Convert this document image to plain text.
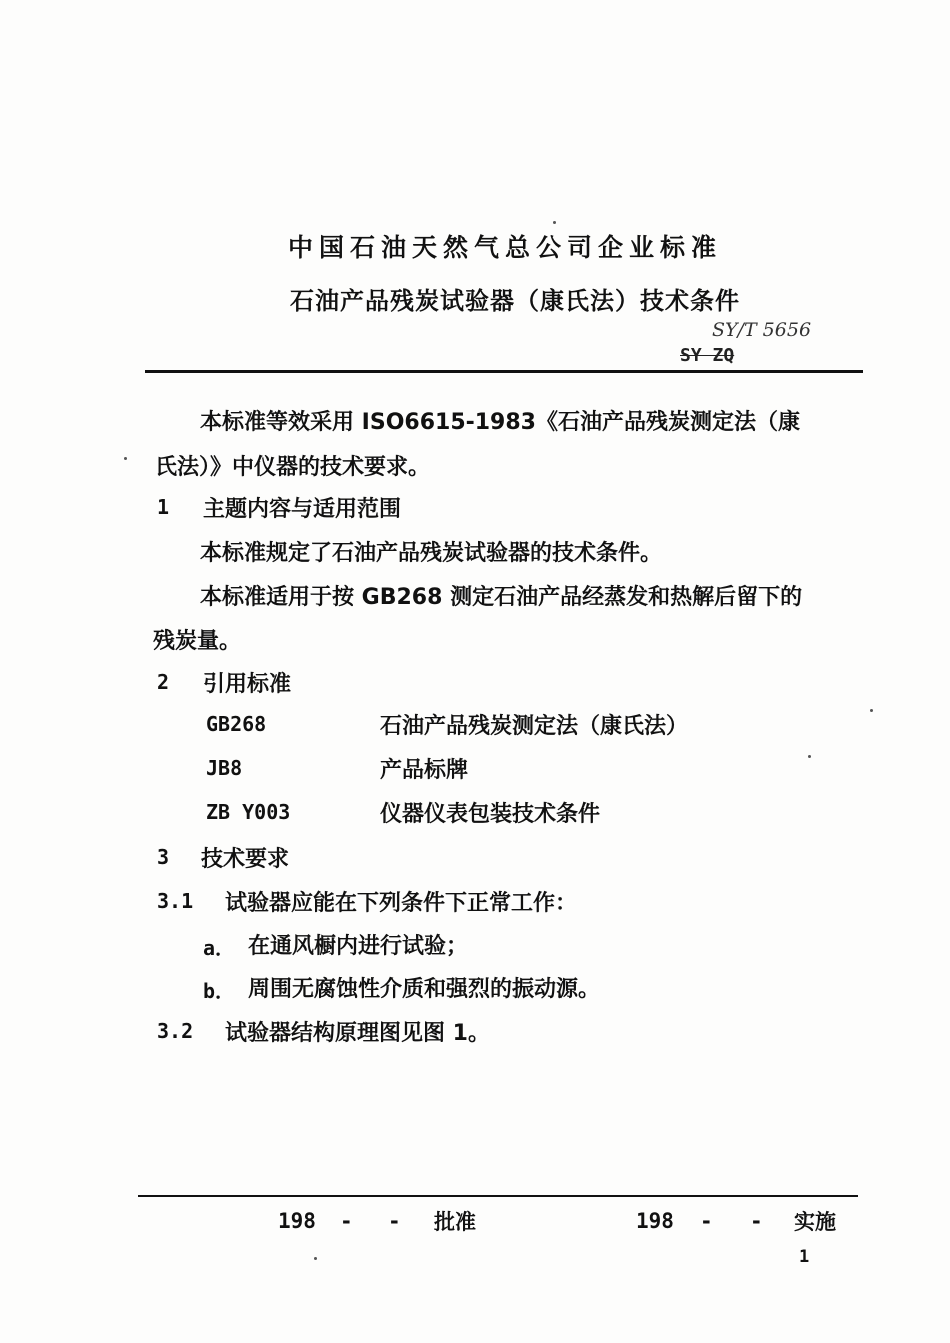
中国石油天然气总公司企业标准
石油产品残炭试验器（康氏法）技术条件
SY/T 5656
SY ZQ
本标准等效采用 ISO6615-1983《石油产品残炭测定法（康
氏法）》中仪器的技术要求。
1 主题内容与适用范围
本标准规定了石油产品残炭试验器的技术条件。
本标准适用于按 GB268 测定石油产品经蒸发和热解后留下的
残炭量。
2 引用标准
GB268	石油产品残炭测定法（康氏法）
JB8	产品标牌
ZB Y003	仪器仪表包装技术条件
3 技术要求
3.1 试验器应能在下列条件下正常工作：
a． 在通风橱内进行试验；
b． 周围无腐蚀性介质和强烈的振动源。
3.2 试验器结构原理图见图 1。
198 - - 批准	198 - - 实施
1
